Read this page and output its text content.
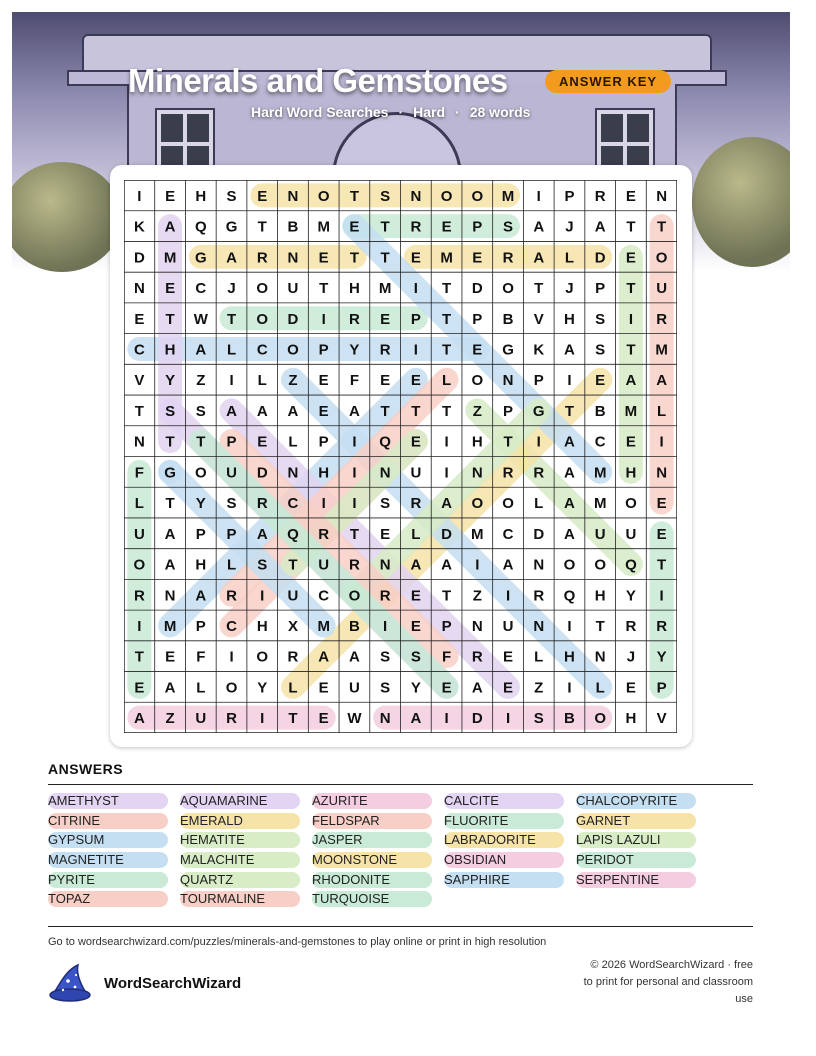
Minerals and Gemstones	ANSWER KEY
Hard Word Searches · Hard · 28 words
I E H S E N O T S N O O M I P R E N
K A Q G T B M E T R E P S A J A T T
D M G A R N E T T E M E R A L D E O
N E C J O U T H M I T D O T J P T U
E T W T O D I R E P T P B V H S I R
C H A L C O P Y R I T E G K A S T M
V Y Z I L Z E F E E L O N P I E A A
T S S A A A E A T T T Z P G T B M L
N T T P E L P I Q E I H T I A C E I
F G O U D N H I N U I N R R A M H N
L T Y S R C I I S R A O O L A M O E
U A P P A Q R T E L D M C D A U U E
O A H L S T U R N A A I A N O O Q T
R N A R I U C O R E T Z I R Q H Y I
I M P C H X M B I E P N U N I T R R
T E F I O R A A S S F R E L H N J Y
E A L O Y L E U S Y E A E Z I L E P
A Z U R I T E W N A I D I S B O H V
ANSWERS
AMETHYST	AQUAMARINE	AZURITE	CALCITE	CHALCOPYRITE
CITRINE	EMERALD	FELDSPAR	FLUORITE	GARNET
GYPSUM	HEMATITE	JASPER	LABRADORITE	LAPIS LAZULI
MAGNETITE	MALACHITE	MOONSTONE	OBSIDIAN	PERIDOT
PYRITE	QUARTZ	RHODONITE	SAPPHIRE	SERPENTINE
TOPAZ	TOURMALINE	TURQUOISE
Go to wordsearchwizard.com/puzzles/minerals-and-gemstones to play online or print in high resolution
WordSearchWizard
© 2026 WordSearchWizard · free to print for personal and classroom use
